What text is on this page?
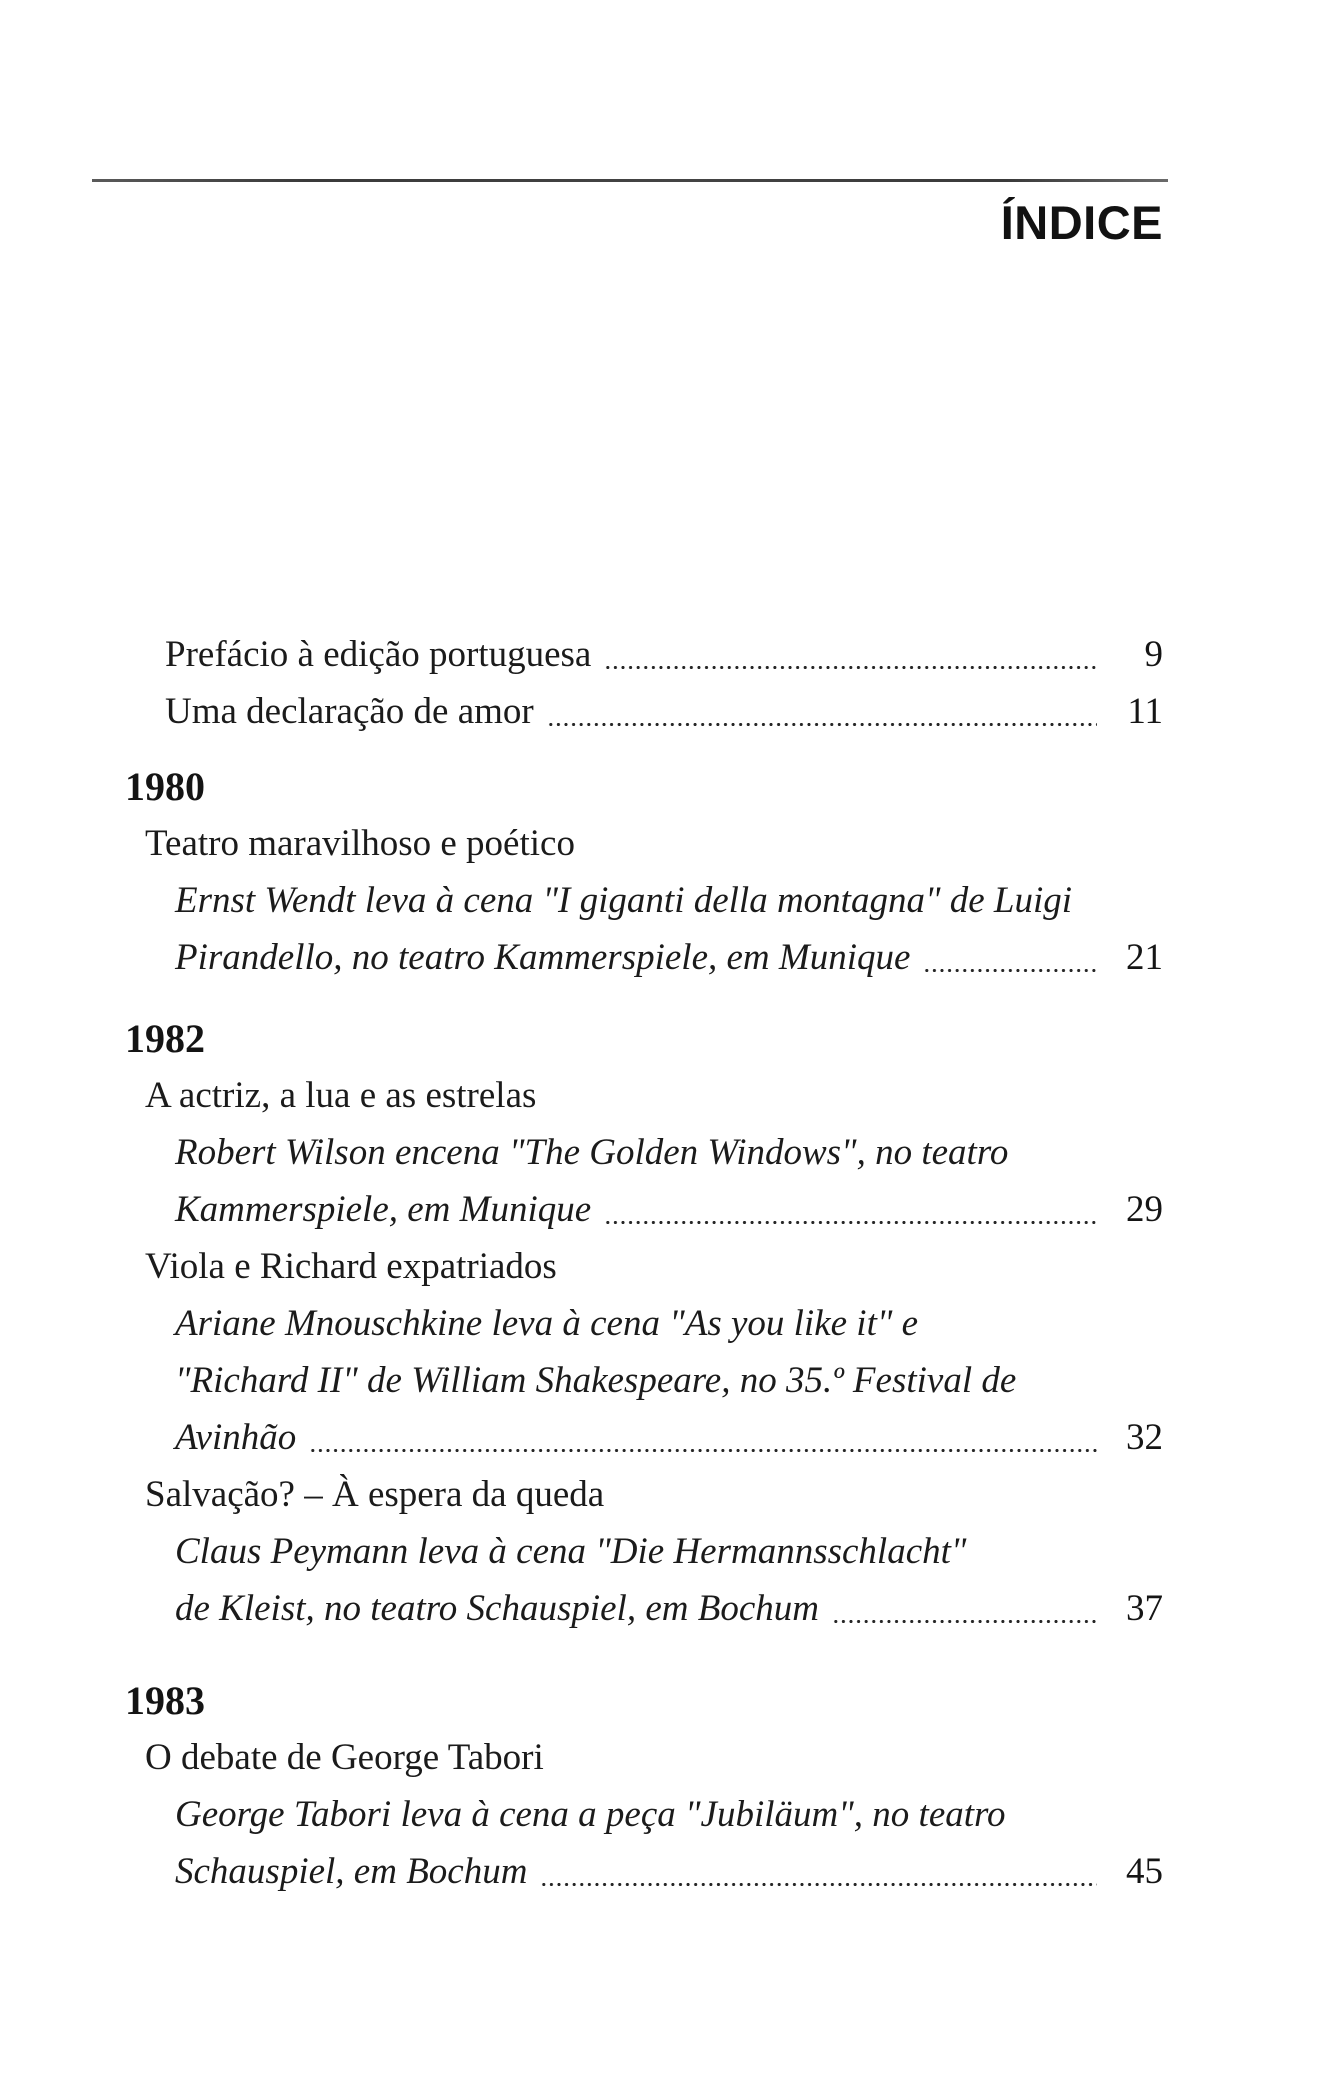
ÍNDICE
Prefácio à edição portuguesa	9
Uma declaração de amor	11
1980
Teatro maravilhoso e poético
Ernst Wendt leva à cena "I giganti della montagna" de Luigi
Pirandello, no teatro Kammerspiele, em Munique	21
1982
A actriz, a lua e as estrelas
Robert Wilson encena "The Golden Windows", no teatro
Kammerspiele, em Munique	29
Viola e Richard expatriados
Ariane Mnouschkine leva à cena "As you like it" e
"Richard II" de William Shakespeare, no 35.º Festival de
Avinhão	32
Salvação? – À espera da queda
Claus Peymann leva à cena "Die Hermannsschlacht"
de Kleist, no teatro Schauspiel, em Bochum	37
1983
O debate de George Tabori
George Tabori leva à cena a peça "Jubiläum", no teatro
Schauspiel, em Bochum	45
